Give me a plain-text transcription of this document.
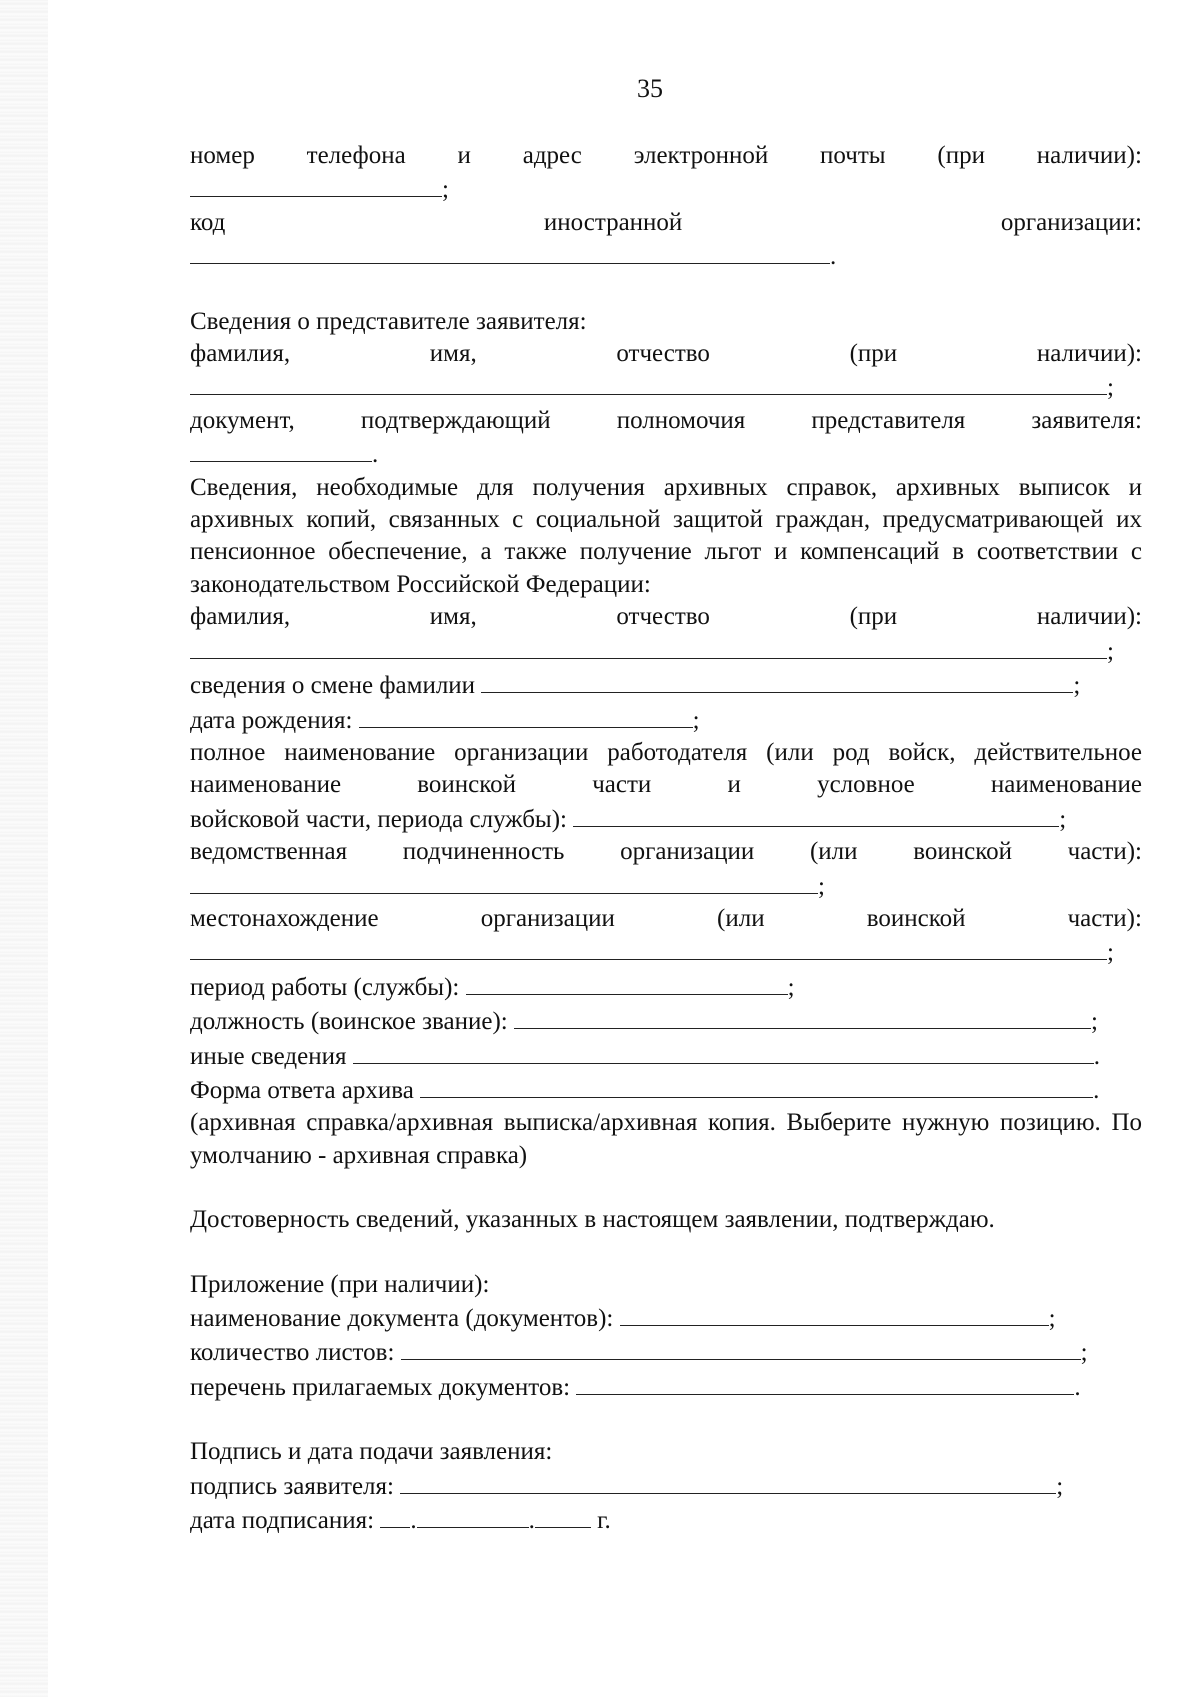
35
номер телефона и адрес электронной почты (при наличии):
;
код	иностранной	организации:
.
Сведения о представителе заявителя:
фамилия,	имя,	отчество	(при	наличии):
;
документ,	подтверждающий	полномочия	представителя	заявителя:
.
Сведения, необходимые для получения архивных справок, архивных выписок и архивных копий, связанных с социальной защитой граждан, предусматривающей их пенсионное обеспечение, а также получение льгот и компенсаций в соответствии с законодательством Российской Федерации:
фамилия,	имя,	отчество	(при	наличии):
;
сведения о смене фамилии	;
дата рождения:	;
полное наименование организации работодателя (или род войск, действительное наименование воинской части и условное наименование
войсковой части, периода службы):	;
ведомственная подчиненность организации (или воинской части):
;
местонахождение	организации	(или	воинской	части):
;
период работы (службы):	;
должность (воинское звание):	;
иные сведения	.
Форма ответа архива	.
(архивная справка/архивная выписка/архивная копия. Выберите нужную позицию. По умолчанию - архивная справка)
Достоверность сведений, указанных в настоящем заявлении, подтверждаю.
Приложение (при наличии):
наименование документа (документов):	;
количество листов:	;
перечень прилагаемых документов:	.
Подпись и дата подачи заявления:
подпись заявителя:	;
дата подписания: .	. г.
